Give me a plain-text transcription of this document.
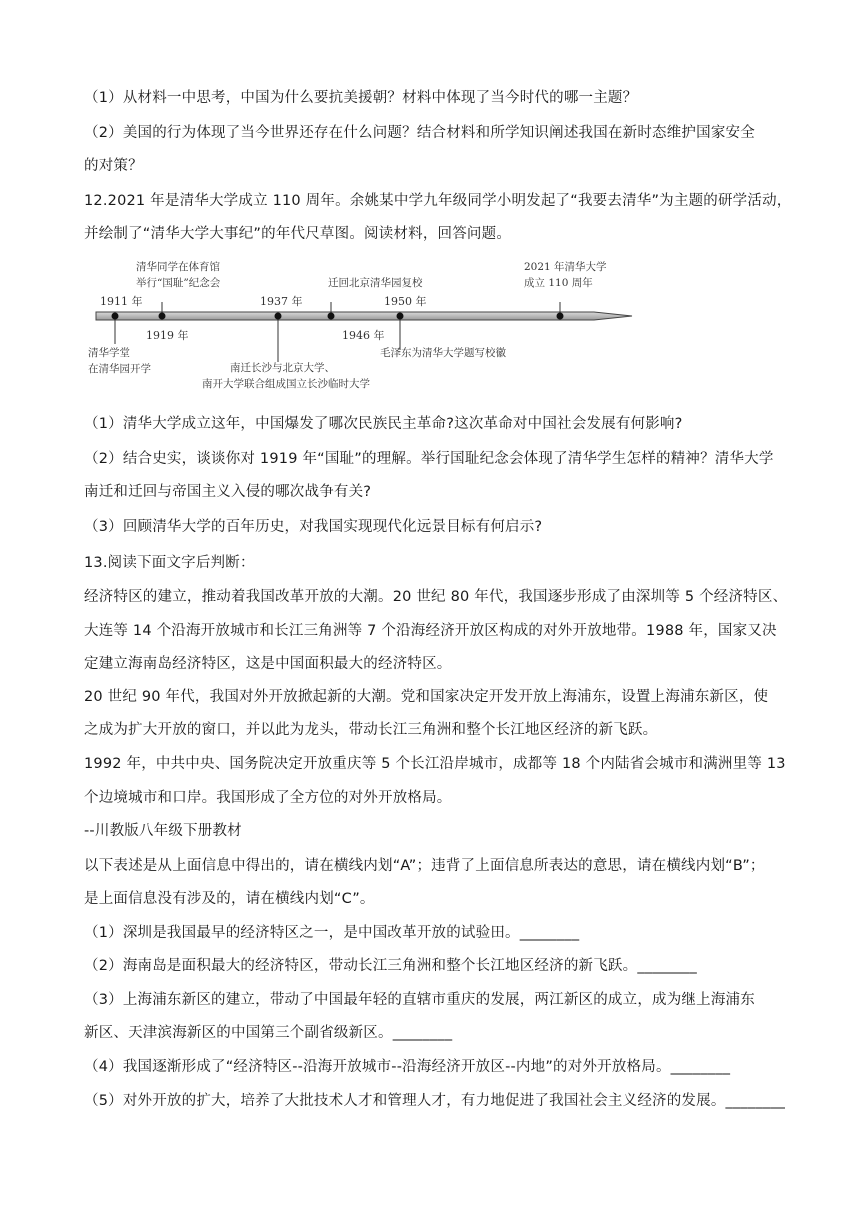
（1）从材料一中思考，中国为什么要抗美援朝？材料中体现了当今时代的哪一主题？
（2）美国的行为体现了当今世界还存在什么问题？结合材料和所学知识阐述我国在新时态维护国家安全
的对策？
12.2021 年是清华大学成立 110 周年。余姚某中学九年级同学小明发起了“我要去清华”为主题的研学活动，
并绘制了“清华大学大事纪”的年代尺草图。阅读材料，回答问题。
1911 年
清华学堂
在清华园开学
清华同学在体育馆
举行“国耻”纪念会
1919 年
1937 年
南迁长沙与北京大学、
南开大学联合组成国立长沙临时大学
迁回北京清华园复校
1946 年
1950 年
毛泽东为清华大学题写校徽
2021 年清华大学
成立 110 周年
（1）清华大学成立这年，中国爆发了哪次民族民主革命?这次革命对中国社会发展有何影响?
（2）结合史实，谈谈你对 1919 年“国耻”的理解。举行国耻纪念会体现了清华学生怎样的精神？清华大学
南迁和迁回与帝国主义入侵的哪次战争有关?
（3）回顾清华大学的百年历史，对我国实现现代化远景目标有何启示?
13.阅读下面文字后判断：
经济特区的建立，推动着我国改革开放的大潮。20 世纪 80 年代，我国逐步形成了由深圳等 5 个经济特区、
大连等 14 个沿海开放城市和长江三角洲等 7 个沿海经济开放区构成的对外开放地带。1988 年，国家又决
定建立海南岛经济特区，这是中国面积最大的经济特区。
20 世纪 90 年代，我国对外开放掀起新的大潮。党和国家决定开发开放上海浦东，设置上海浦东新区，使
之成为扩大开放的窗口，并以此为龙头，带动长江三角洲和整个长江地区经济的新飞跃。
1992 年，中共中央、国务院决定开放重庆等 5 个长江沿岸城市，成都等 18 个内陆省会城市和满洲里等 13
个边境城市和口岸。我国形成了全方位的对外开放格局。
--川教版八年级下册教材
以下表述是从上面信息中得出的，请在横线内划“A”；违背了上面信息所表达的意思，请在横线内划“B”；
是上面信息没有涉及的，请在横线内划“C”。
（1）深圳是我国最早的经济特区之一，是中国改革开放的试验田。________
（2）海南岛是面积最大的经济特区，带动长江三角洲和整个长江地区经济的新飞跃。________
（3）上海浦东新区的建立，带动了中国最年轻的直辖市重庆的发展，两江新区的成立，成为继上海浦东
新区、天津滨海新区的中国第三个副省级新区。________
（4）我国逐渐形成了“经济特区--沿海开放城市--沿海经济开放区--内地”的对外开放格局。________
（5）对外开放的扩大，培养了大批技术人才和管理人才，有力地促进了我国社会主义经济的发展。________
